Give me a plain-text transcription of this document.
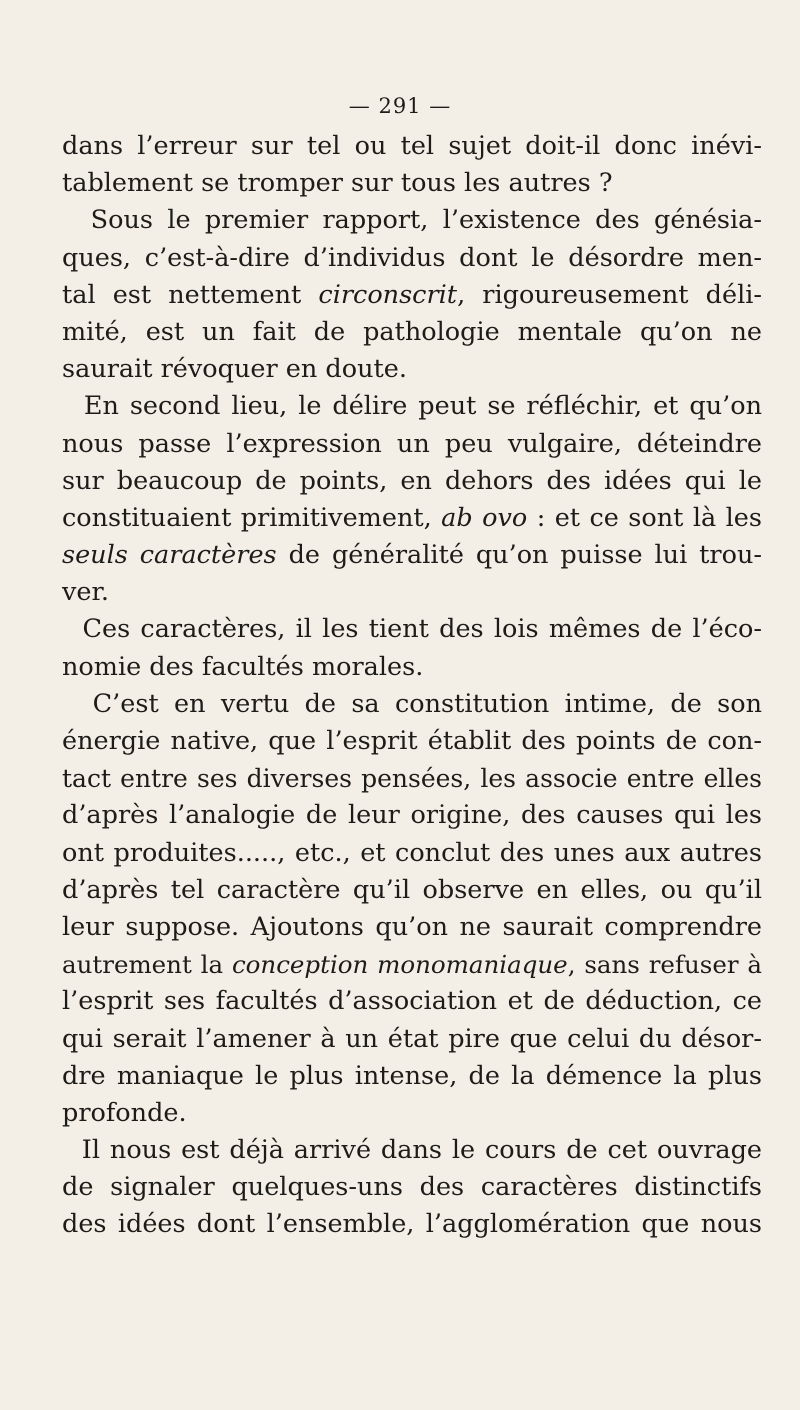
— 291 —
dans l’erreur sur tel ou tel sujet doit-il donc inévi-
tablement se tromper sur tous les autres ?
Sous le premier rapport, l’existence des génésia-
ques, c’est-à-dire d’individus dont le désordre men-
tal est nettement circonscrit, rigoureusement déli-
mité, est un fait de pathologie mentale qu’on ne
saurait révoquer en doute.
En second lieu, le délire peut se réfléchir, et qu’on
nous passe l’expression un peu vulgaire, déteindre
sur beaucoup de points, en dehors des idées qui le
constituaient primitivement, ab ovo : et ce sont là les
seuls caractères de généralité qu’on puisse lui trou-
ver.
Ces caractères, il les tient des lois mêmes de l’éco-
nomie des facultés morales.
C’est en vertu de sa constitution intime, de son
énergie native, que l’esprit établit des points de con-
tact entre ses diverses pensées, les associe entre elles
d’après l’analogie de leur origine, des causes qui les
ont produites....., etc., et conclut des unes aux autres
d’après tel caractère qu’il observe en elles, ou qu’il
leur suppose. Ajoutons qu’on ne saurait comprendre
autrement la conception monomaniaque, sans refuser à
l’esprit ses facultés d’association et de déduction, ce
qui serait l’amener à un état pire que celui du désor-
dre maniaque le plus intense, de la démence la plus
profonde.
Il nous est déjà arrivé dans le cours de cet ouvrage
de signaler quelques-uns des caractères distinctifs
des idées dont l’ensemble, l’agglomération que nous
